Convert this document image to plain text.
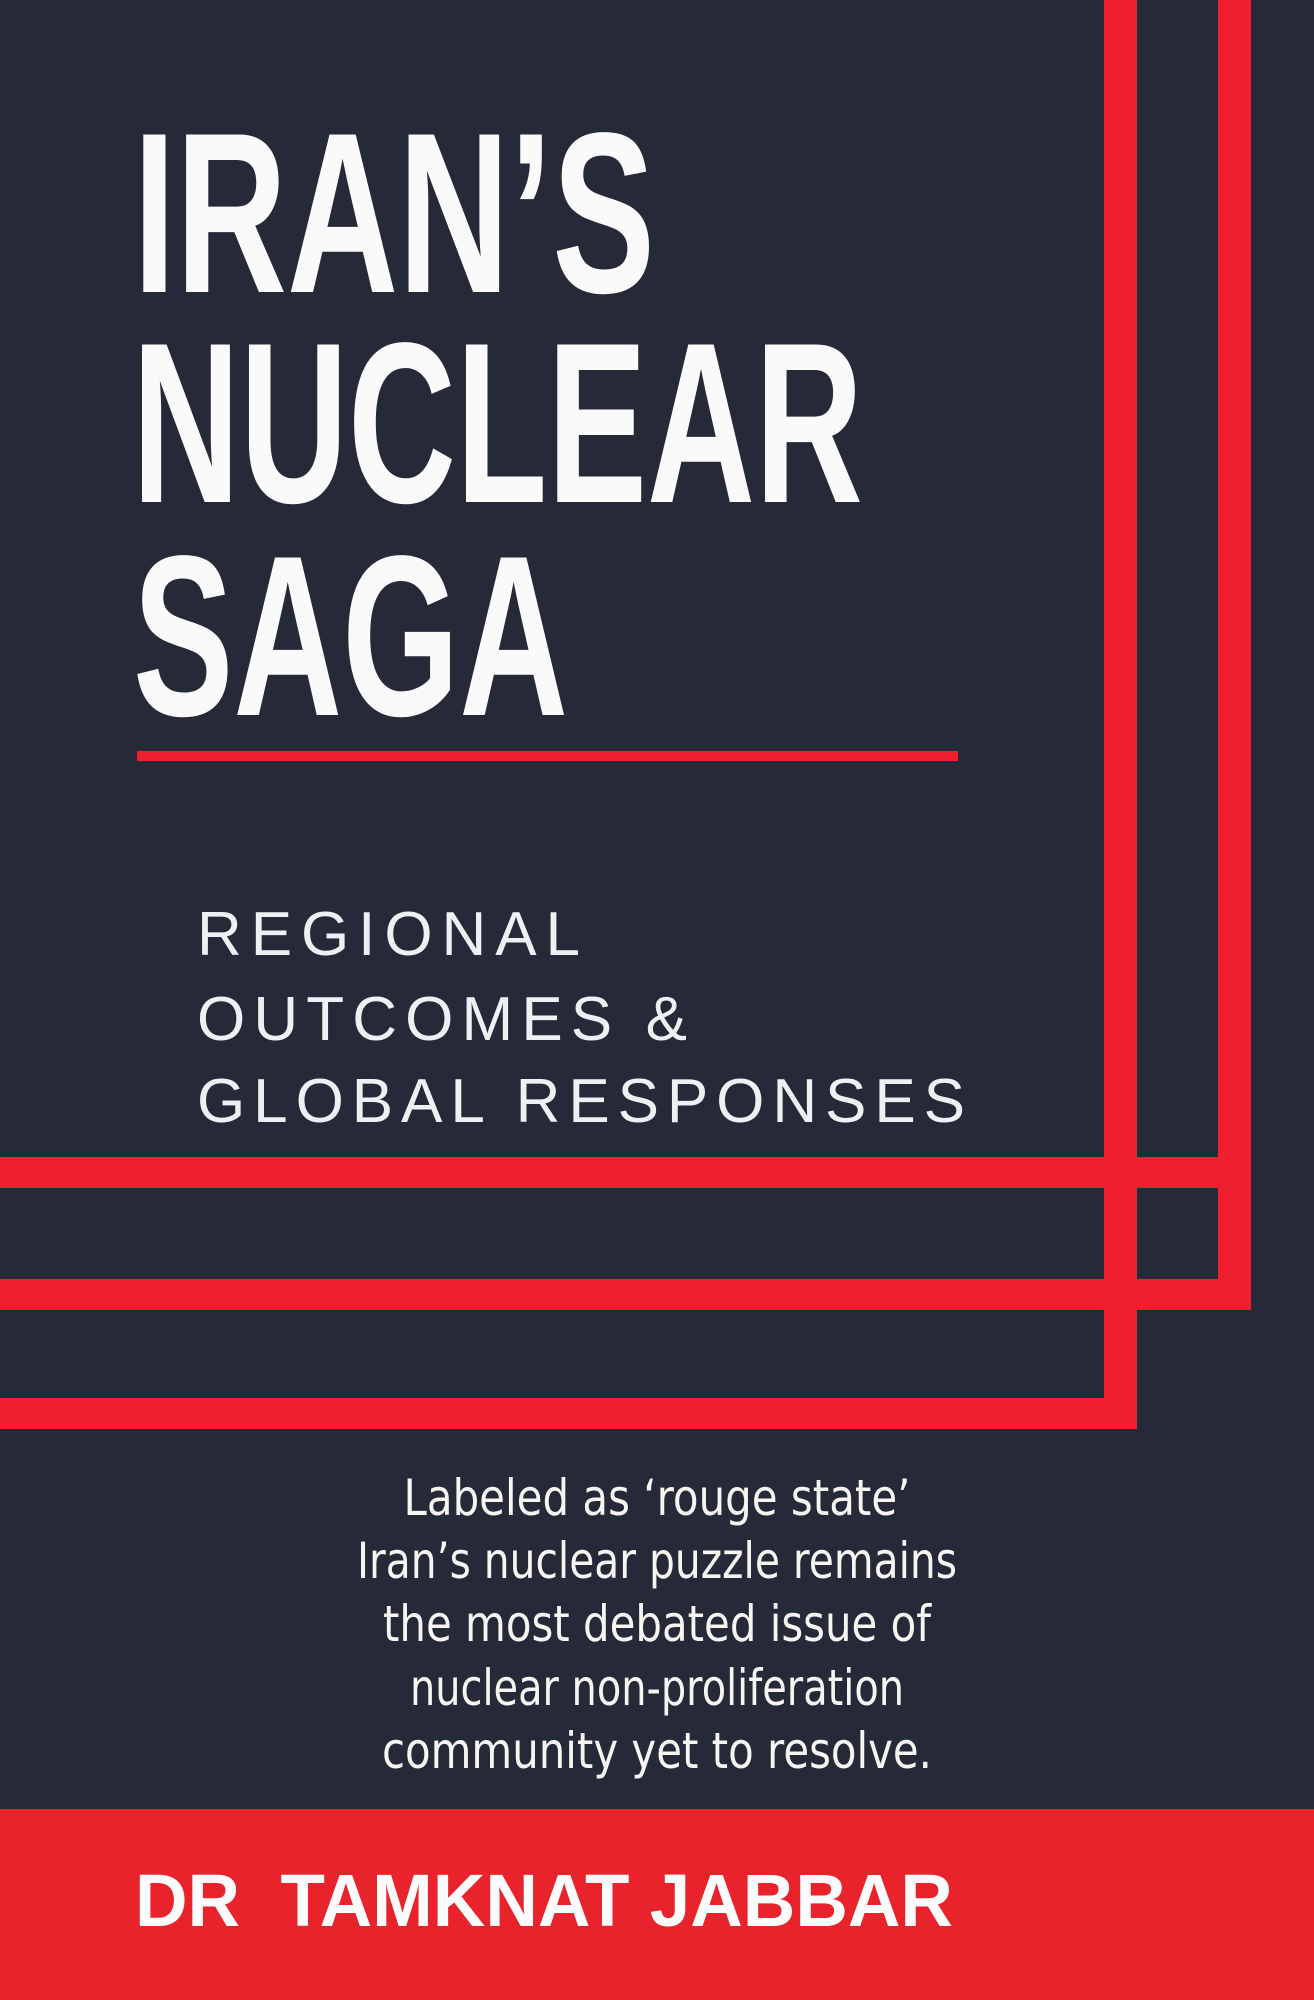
IRAN’S
NUCLEAR
SAGA
REGIONAL
OUTCOMES &
GLOBAL RESPONSES
Labeled as ‘rouge state’
Iran’s nuclear puzzle remains
the most debated issue of
nuclear non-proliferation
community yet to resolve.
DR  TAMKNAT JABBAR
